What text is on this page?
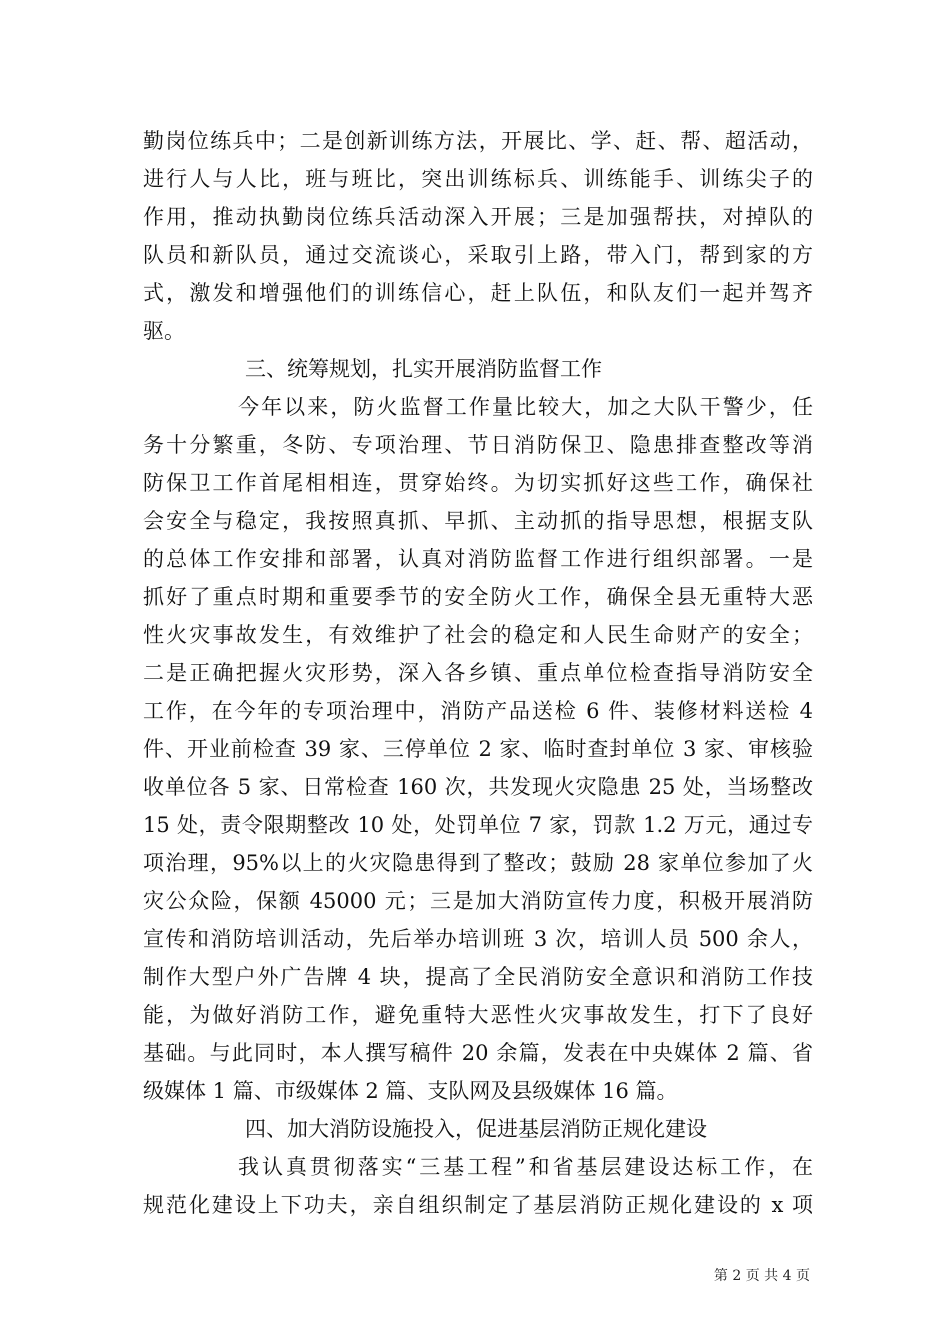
勤岗位练兵中；二是创新训练方法，开展比、学、赶、帮、超活动，
进行人与人比，班与班比，突出训练标兵、训练能手、训练尖子的
作用，推动执勤岗位练兵活动深入开展；三是加强帮扶，对掉队的
队员和新队员，通过交流谈心，采取引上路，带入门，帮到家的方
式，激发和增强他们的训练信心，赶上队伍，和队友们一起并驾齐
驱。
三、统筹规划，扎实开展消防监督工作
今年以来，防火监督工作量比较大，加之大队干警少，任
务十分繁重，冬防、专项治理、节日消防保卫、隐患排查整改等消
防保卫工作首尾相相连，贯穿始终。为切实抓好这些工作，确保社
会安全与稳定，我按照真抓、早抓、主动抓的指导思想，根据支队
的总体工作安排和部署，认真对消防监督工作进行组织部署。一是
抓好了重点时期和重要季节的安全防火工作，确保全县无重特大恶
性火灾事故发生，有效维护了社会的稳定和人民生命财产的安全；
二是正确把握火灾形势，深入各乡镇、重点单位检查指导消防安全
工作，在今年的专项治理中，消防产品送检 6 件、装修材料送检 4
件、开业前检查 39 家、三停单位 2 家、临时查封单位 3 家、审核验
收单位各 5 家、日常检查 160 次，共发现火灾隐患 25 处，当场整改
15 处，责令限期整改 10 处，处罚单位 7 家，罚款 1.2 万元，通过专
项治理，95%以上的火灾隐患得到了整改；鼓励 28 家单位参加了火
灾公众险，保额 45000 元；三是加大消防宣传力度，积极开展消防
宣传和消防培训活动，先后举办培训班 3 次，培训人员 500 余人，
制作大型户外广告牌 4 块，提高了全民消防安全意识和消防工作技
能，为做好消防工作，避免重特大恶性火灾事故发生，打下了良好
基础。与此同时，本人撰写稿件 20 余篇，发表在中央媒体 2 篇、省
级媒体 1 篇、市级媒体 2 篇、支队网及县级媒体 16 篇。
四、加大消防设施投入，促进基层消防正规化建设
我认真贯彻落实“三基工程”和省基层建设达标工作，在
规范化建设上下功夫，亲自组织制定了基层消防正规化建设的 x 项
第 2 页 共 4 页
